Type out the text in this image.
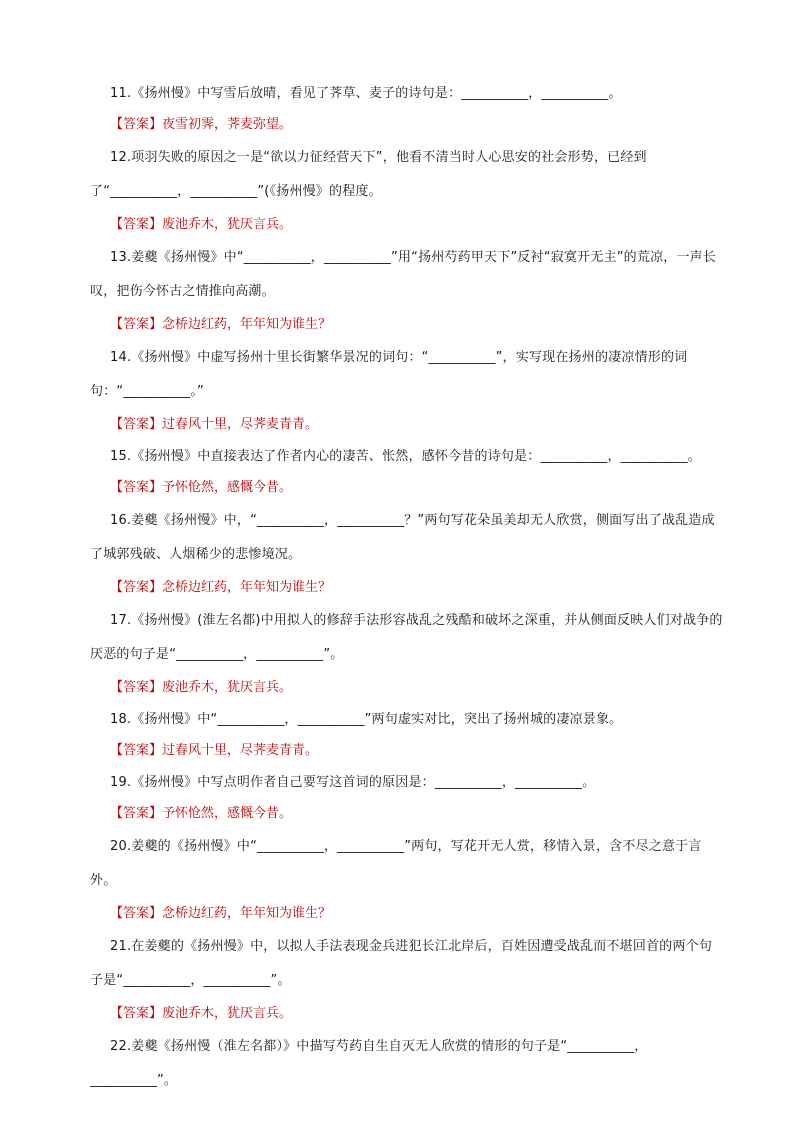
11.《扬州慢》中写雪后放晴，看见了荠草、麦子的诗句是：__________，__________。

【答案】夜雪初霁，荠麦弥望。

12.项羽失败的原因之一是“欲以力征经营天下”，他看不清当时人心思安的社会形势，已经到了“__________，__________”(《扬州慢》的程度。

【答案】废池乔木，犹厌言兵。

13.姜夔《扬州慢》中“__________，__________”用“扬州芍药甲天下”反衬“寂寞开无主”的荒凉，一声长叹，把伤今怀古之情推向高潮。

【答案】念桥边红药，年年知为谁生？

14.《扬州慢》中虚写扬州十里长街繁华景况的词句：“__________”，实写现在扬州的凄凉情形的词句：“__________。”

【答案】过春风十里，尽荠麦青青。

15.《扬州慢》中直接表达了作者内心的凄苦、怅然，感怀今昔的诗句是：__________，__________。

【答案】予怀怆然，感慨今昔。

16.姜夔《扬州慢》中，“__________，__________？”两句写花朵虽美却无人欣赏，侧面写出了战乱造成了城郭残破、人烟稀少的悲惨境况。

【答案】念桥边红药，年年知为谁生？

17.《扬州慢》(淮左名都)中用拟人的修辞手法形容战乱之残酷和破坏之深重，并从侧面反映人们对战争的厌恶的句子是“__________，__________”。

【答案】废池乔木，犹厌言兵。

18.《扬州慢》中“__________，__________”两句虚实对比，突出了扬州城的凄凉景象。

【答案】过春风十里，尽荠麦青青。

19.《扬州慢》中写点明作者自己要写这首词的原因是：__________，__________。

【答案】予怀怆然，感慨今昔。

20.姜夔的《扬州慢》中“__________，__________”两句，写花开无人赏，移情入景，含不尽之意于言外。

【答案】念桥边红药，年年知为谁生？

21.在姜夔的《扬州慢》中，以拟人手法表现金兵进犯长江北岸后，百姓因遭受战乱而不堪回首的两个句子是“__________，__________”。

【答案】废池乔木，犹厌言兵。

22.姜夔《扬州慢（淮左名都）》中描写芍药自生自灭无人欣赏的情形的句子是“__________，__________”。
